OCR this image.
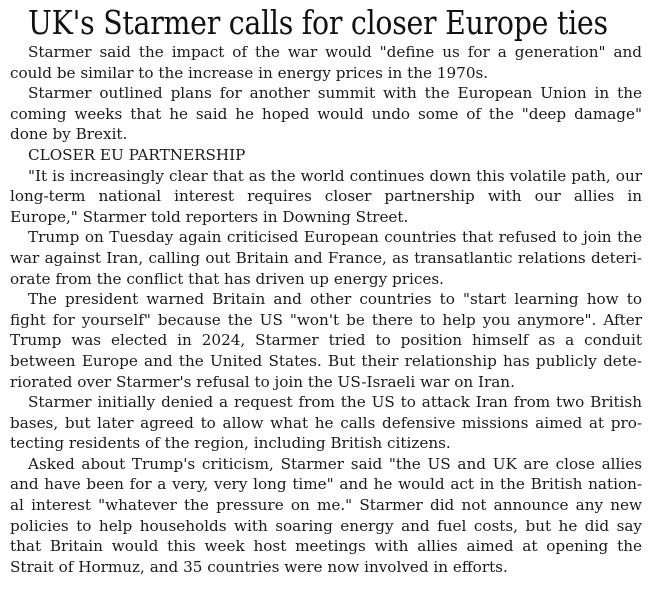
UK's Starmer calls for closer Europe ties
Starmer said the impact of the war would "define us for a generation" and
could be similar to the increase in energy prices in the 1970s.
Starmer outlined plans for another summit with the European Union in the
coming weeks that he said he hoped would undo some of the "deep damage"
done by Brexit.
CLOSER EU PARTNERSHIP
"It is increasingly clear that as the world continues down this volatile path, our
long-term national interest requires closer partnership with our allies in
Europe," Starmer told reporters in Downing Street.
Trump on Tuesday again criticised European countries that refused to join the
war against Iran, calling out Britain and France, as transatlantic relations deteri-
orate from the conflict that has driven up energy prices.
The president warned Britain and other countries to "start learning how to
fight for yourself" because the US "won't be there to help you anymore". After
Trump was elected in 2024, Starmer tried to position himself as a conduit
between Europe and the United States. But their relationship has publicly dete-
riorated over Starmer's refusal to join the US-Israeli war on Iran.
Starmer initially denied a request from the US to attack Iran from two British
bases, but later agreed to allow what he calls defensive missions aimed at pro-
tecting residents of the region, including British citizens.
Asked about Trump's criticism, Starmer said "the US and UK are close allies
and have been for a very, very long time" and he would act in the British nation-
al interest "whatever the pressure on me." Starmer did not announce any new
policies to help households with soaring energy and fuel costs, but he did say
that Britain would this week host meetings with allies aimed at opening the
Strait of Hormuz, and 35 countries were now involved in efforts.
